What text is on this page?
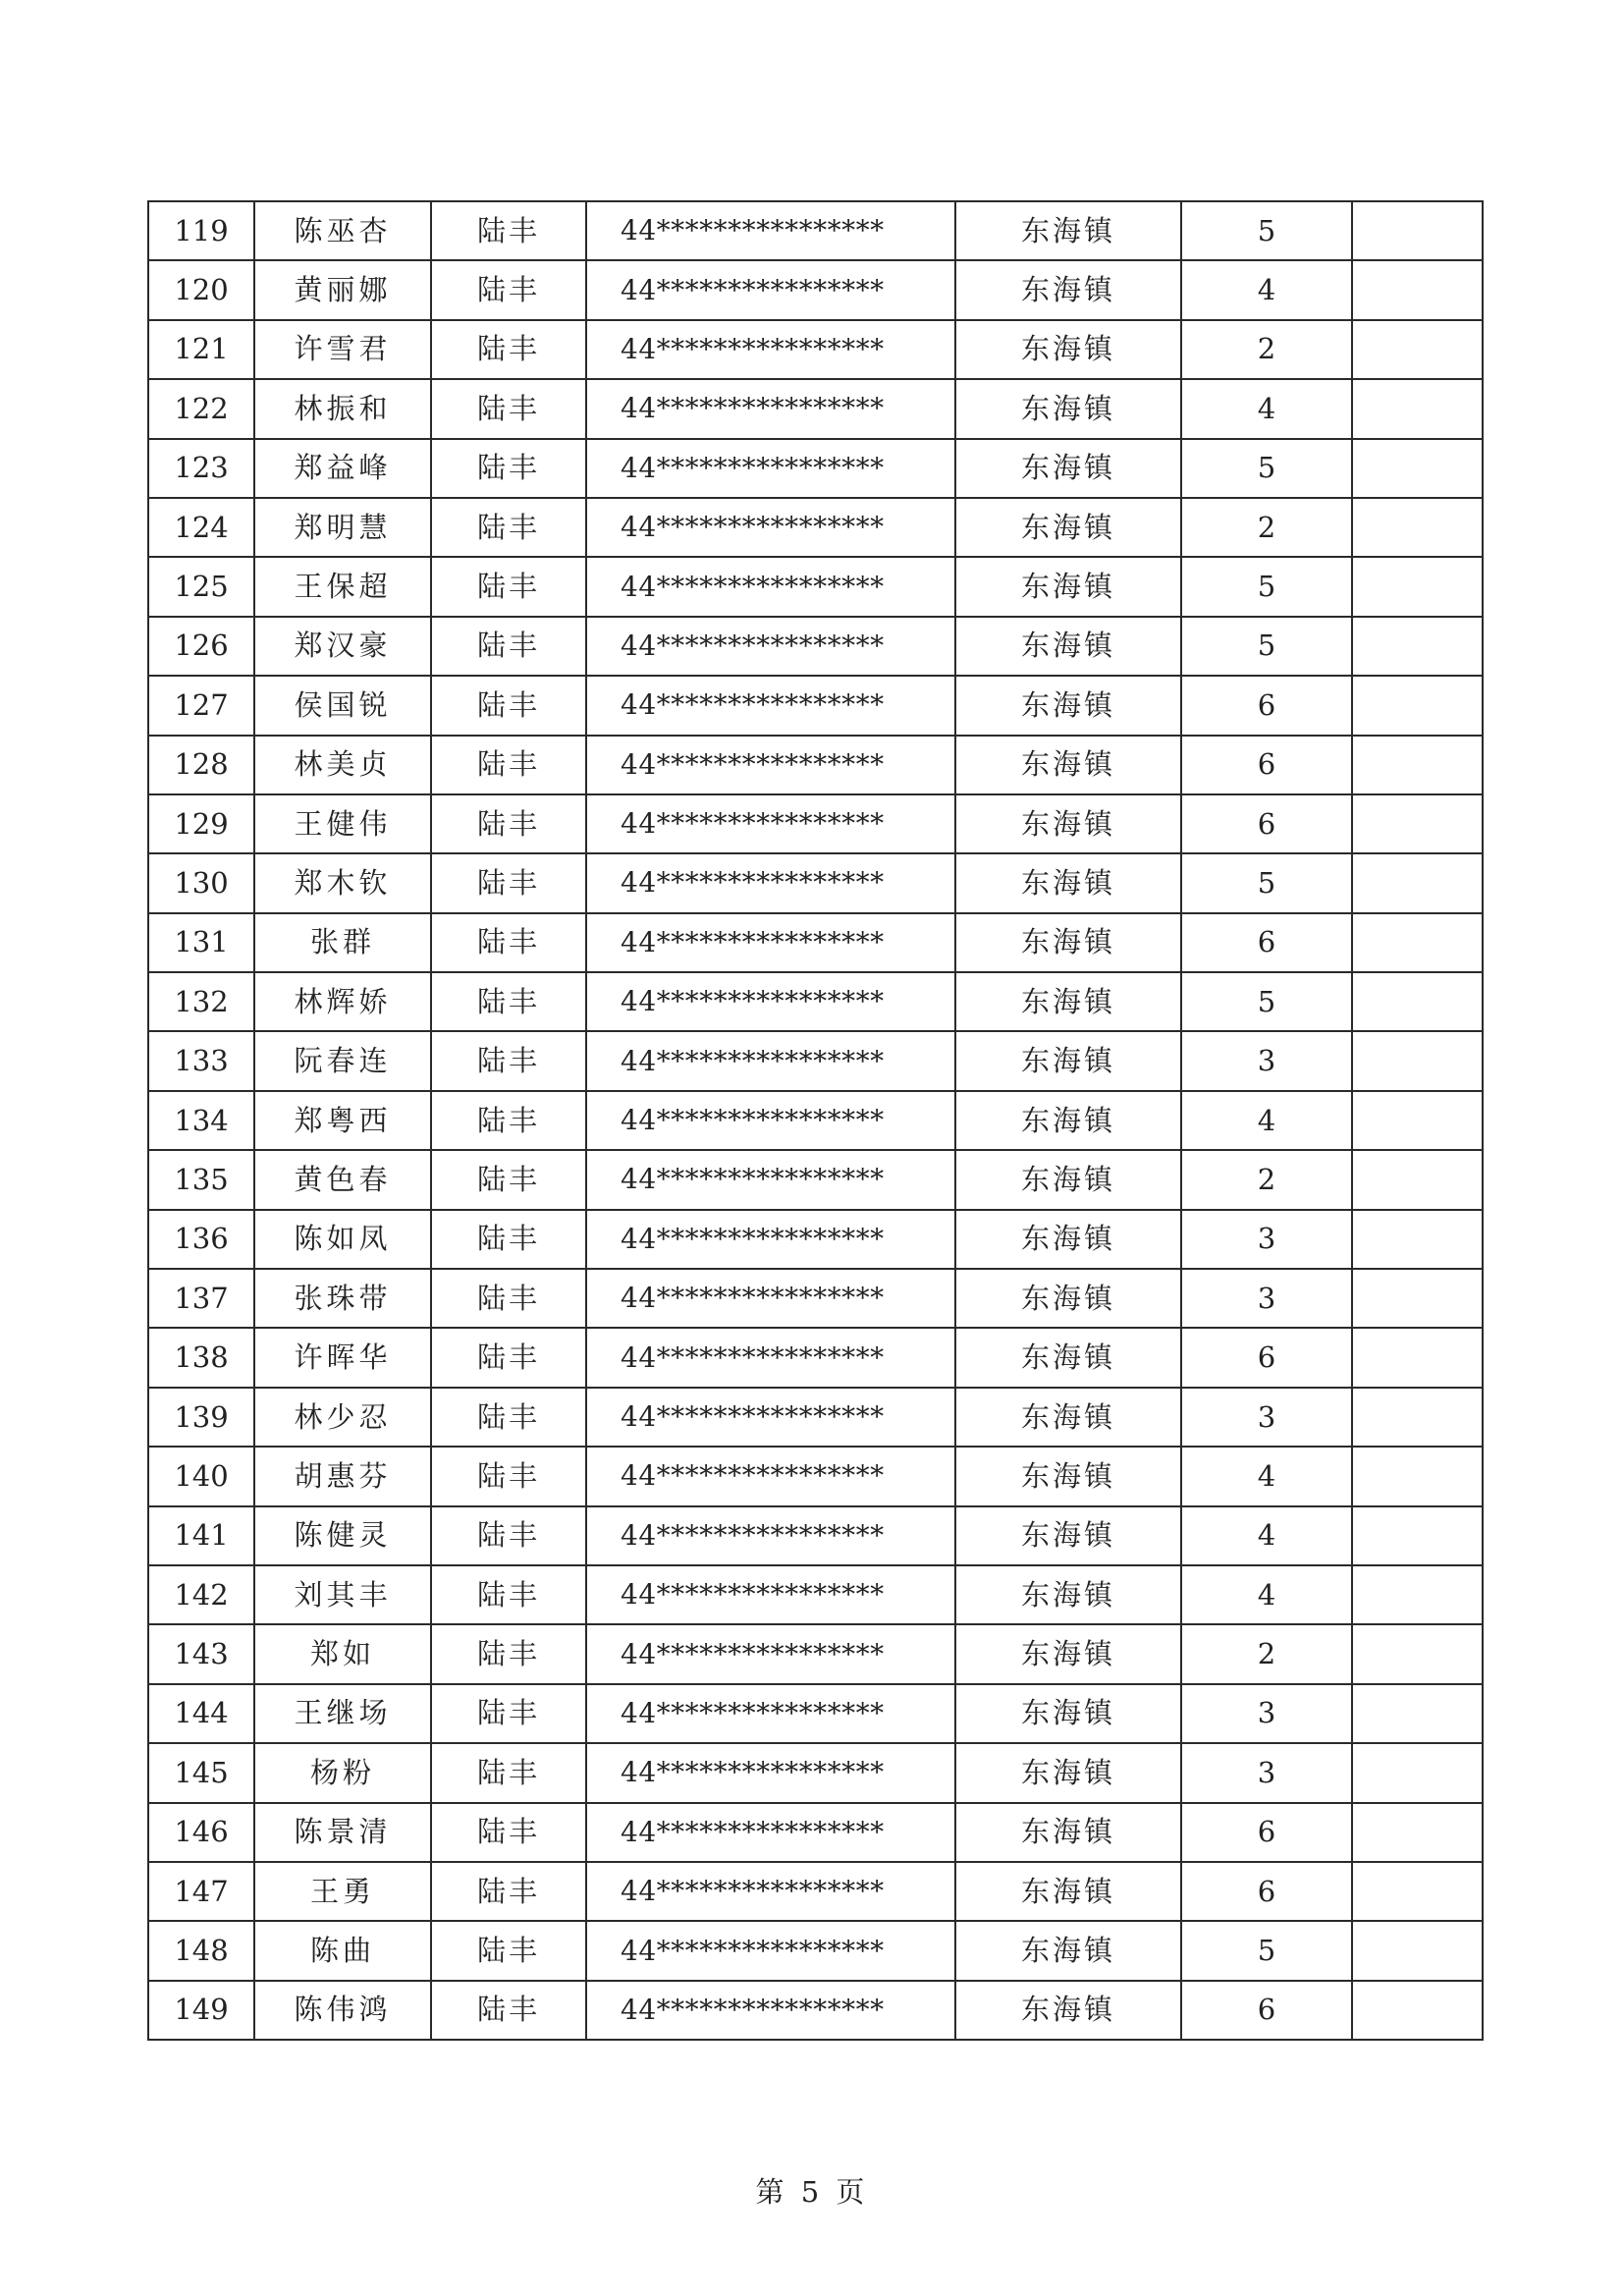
119	陈巫杏	陆丰	44****************	东海镇	5	
120	黄丽娜	陆丰	44****************	东海镇	4	
121	许雪君	陆丰	44****************	东海镇	2	
122	林振和	陆丰	44****************	东海镇	4	
123	郑益峰	陆丰	44****************	东海镇	5	
124	郑明慧	陆丰	44****************	东海镇	2	
125	王保超	陆丰	44****************	东海镇	5	
126	郑汉豪	陆丰	44****************	东海镇	5	
127	侯国锐	陆丰	44****************	东海镇	6	
128	林美贞	陆丰	44****************	东海镇	6	
129	王健伟	陆丰	44****************	东海镇	6	
130	郑木钦	陆丰	44****************	东海镇	5	
131	张群	陆丰	44****************	东海镇	6	
132	林辉娇	陆丰	44****************	东海镇	5	
133	阮春连	陆丰	44****************	东海镇	3	
134	郑粤西	陆丰	44****************	东海镇	4	
135	黄色春	陆丰	44****************	东海镇	2	
136	陈如凤	陆丰	44****************	东海镇	3	
137	张珠带	陆丰	44****************	东海镇	3	
138	许晖华	陆丰	44****************	东海镇	6	
139	林少忍	陆丰	44****************	东海镇	3	
140	胡惠芬	陆丰	44****************	东海镇	4	
141	陈健灵	陆丰	44****************	东海镇	4	
142	刘其丰	陆丰	44****************	东海镇	4	
143	郑如	陆丰	44****************	东海镇	2	
144	王继场	陆丰	44****************	东海镇	3	
145	杨粉	陆丰	44****************	东海镇	3	
146	陈景清	陆丰	44****************	东海镇	6	
147	王勇	陆丰	44****************	东海镇	6	
148	陈曲	陆丰	44****************	东海镇	5	
149	陈伟鸿	陆丰	44****************	东海镇	6	
第 5 页
